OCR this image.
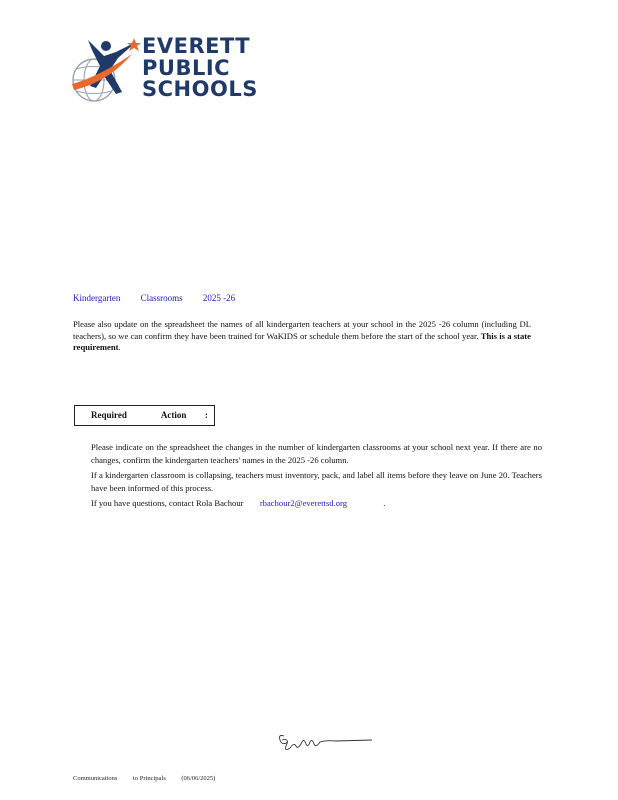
EVERETT
PUBLIC
SCHOOLS
Kindergarten Classrooms 2025 -26
Please also update on the spreadsheet the names of all kindergarten teachers at your school in the 2025 -26 column (including DL teachers), so we can confirm they have been trained for WaKIDS or schedule them before the start of the school year. This is a state requirement.
Required	Action :
Please indicate on the spreadsheet the changes in the number of kindergarten classrooms at your school next year. If there are no changes, confirm the kindergarten teachers' names in the 2025 -26 column.
If a kindergarten classroom is collapsing, teachers must inventory, pack, and label all items before they leave on June 20. Teachers have been informed of this process.
If you have questions, contact Rola Bachour rbachour2@everettsd.org	.
Communications to Principals (06/06/2025)
